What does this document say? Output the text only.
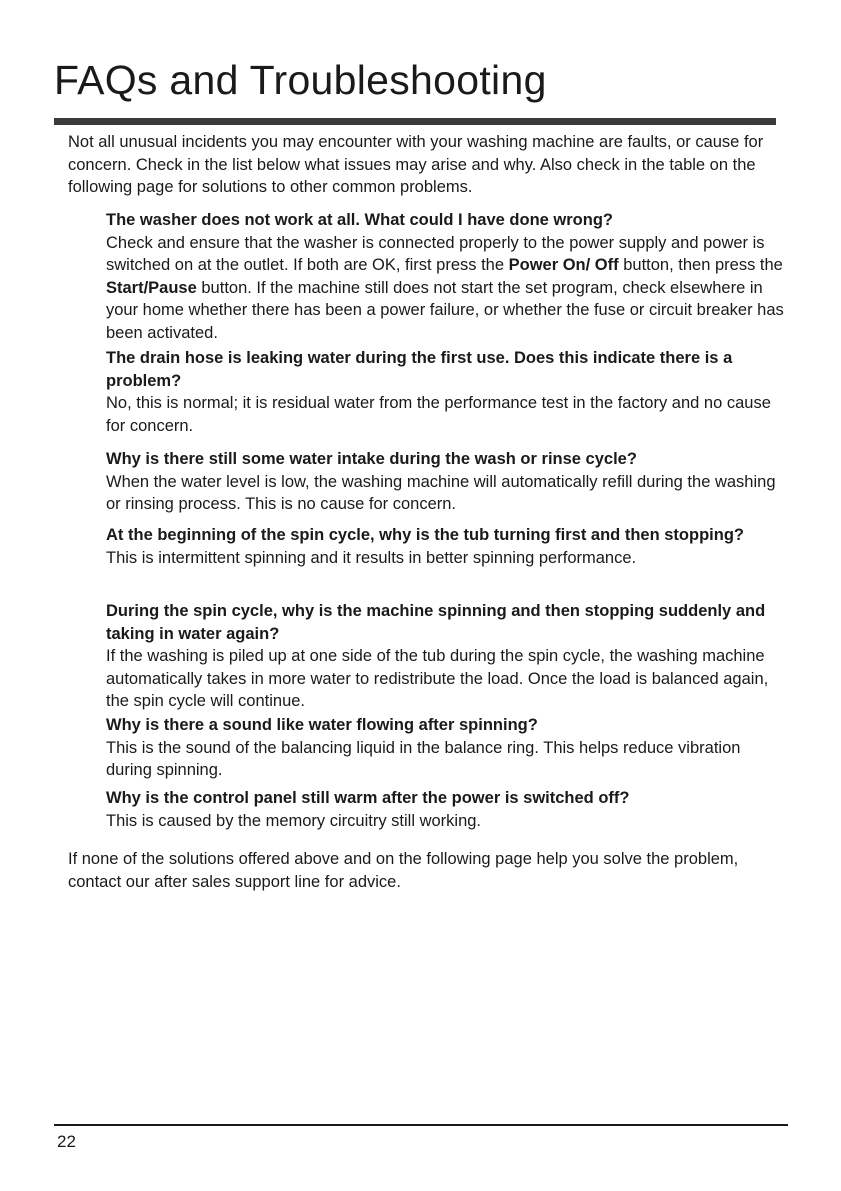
FAQs and Troubleshooting

Not all unusual incidents you may encounter with your washing machine are faults, or cause for concern. Check in the list below what issues may arise and why. Also check in the table on the following page for solutions to other common problems.

The washer does not work at all. What could I have done wrong?

Check and ensure that the washer is connected properly to the power supply and power is switched on at the outlet. If both are OK, first press the Power On/ Off button, then press the Start/Pause button. If the machine still does not start the set program, check elsewhere in your home whether there has been a power failure, or whether the fuse or circuit breaker has been activated.

The drain hose is leaking water during the first use. Does this indicate there is a problem?

No, this is normal; it is residual water from the performance test in the factory and no cause for concern.

Why is there still some water intake during the wash or rinse cycle?

When the water level is low, the washing machine will automatically refill during the washing or rinsing process. This is no cause for concern.

At the beginning of the spin cycle, why is the tub turning first and then stopping?

This is intermittent spinning and it results in better spinning performance.

During the spin cycle, why is the machine spinning and then stopping suddenly and taking in water again?

If the washing is piled up at one side of the tub during the spin cycle, the washing machine automatically takes in more water to redistribute the load. Once the load is balanced again, the spin cycle will continue.

Why is there a sound like water flowing after spinning?

This is the sound of the balancing liquid in the balance ring. This helps reduce vibration during spinning.

Why is the control panel still warm after the power is switched off?

This is caused by the memory circuitry still working.

If none of the solutions offered above and on the following page help you solve the problem, contact our after sales support line for advice.

22
